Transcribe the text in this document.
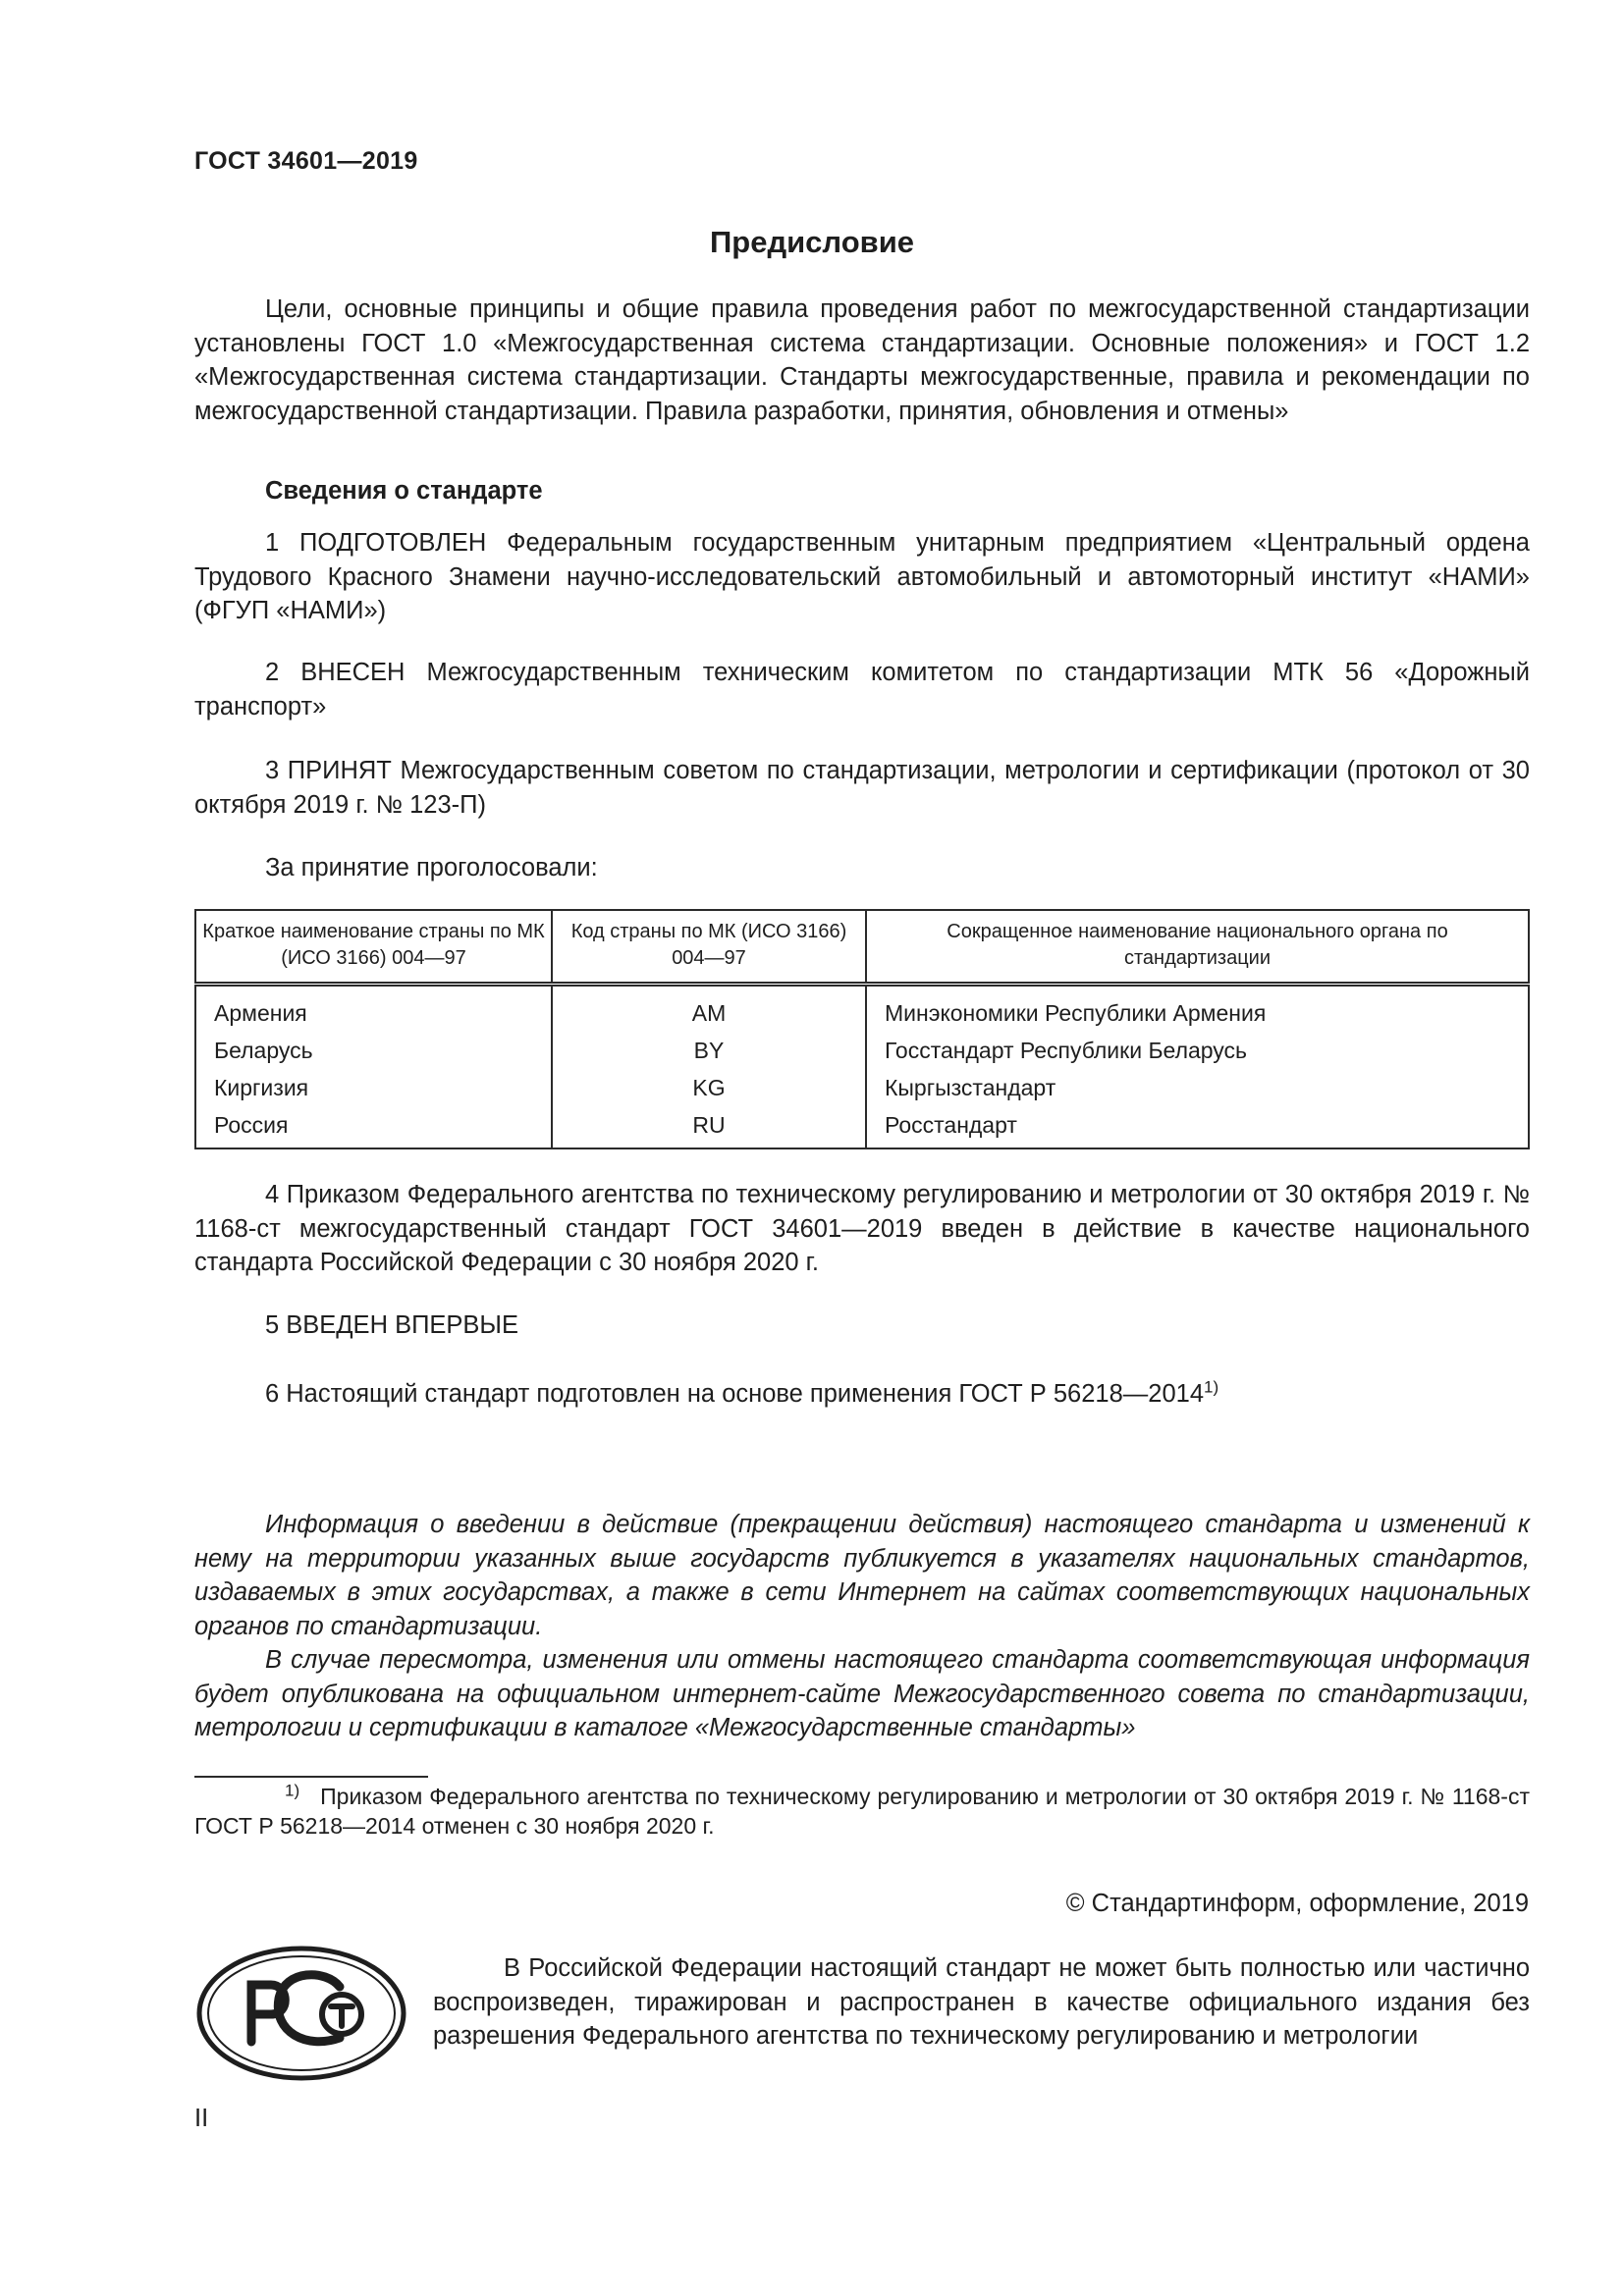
ГОСТ 34601—2019
Предисловие

Цели, основные принципы и общие правила проведения работ по межгосударственной стандартизации установлены ГОСТ 1.0 «Межгосударственная система стандартизации. Основные положения» и ГОСТ 1.2 «Межгосударственная система стандартизации. Стандарты межгосударственные, правила и рекомендации по межгосударственной стандартизации. Правила разработки, принятия, обновления и отмены»

Сведения о стандарте

1 ПОДГОТОВЛЕН Федеральным государственным унитарным предприятием «Центральный ордена Трудового Красного Знамени научно-исследовательский автомобильный и автомоторный институт «НАМИ» (ФГУП «НАМИ»)

2 ВНЕСЕН Межгосударственным техническим комитетом по стандартизации МТК 56 «Дорожный транспорт»

3 ПРИНЯТ Межгосударственным советом по стандартизации, метрологии и сертификации (протокол от 30 октября 2019 г. № 123-П)

За принятие проголосовали:
Краткое наименование страны по МК (ИСО 3166) 004—97	Код страны по МК (ИСО 3166) 004—97	Сокращенное наименование национального органа по стандартизации
Армения	AM	Минэкономики Республики Армения
Беларусь	BY	Госстандарт Республики Беларусь
Киргизия	KG	Кыргызстандарт
Россия	RU	Росстандарт

4 Приказом Федерального агентства по техническому регулированию и метрологии от 30 октября 2019 г. № 1168-ст межгосударственный стандарт ГОСТ 34601—2019 введен в действие в качестве национального стандарта Российской Федерации с 30 ноября 2020 г.

5 ВВЕДЕН ВПЕРВЫЕ
6 Настоящий стандарт подготовлен на основе применения ГОСТ Р 56218—2014$^{1)}$

Информация о введении в действие (прекращении действия) настоящего стандарта и изменений к нему на территории указанных выше государств публикуется в указателях национальных стандартов, издаваемых в этих государствах, а также в сети Интернет на сайтах соответствующих национальных органов по стандартизации.

В случае пересмотра, изменения или отмены настоящего стандарта соответствующая информация будет опубликована на официальном интернет-сайте Межгосударственного совета по стандартизации, метрологии и сертификации в каталоге «Межгосударственные стандарты»

$^{1)}$ Приказом Федерального агентства по техническому регулированию и метрологии от 30 октября 2019 г. № 1168-ст ГОСТ Р 56218—2014 отменен с 30 ноября 2020 г.

© Стандартинформ, оформление, 2019

В Российской Федерации настоящий стандарт не может быть полностью или частично воспроизведен, тиражирован и распространен в качестве официального издания без разрешения Федерального агентства по техническому регулированию и метрологии

II
